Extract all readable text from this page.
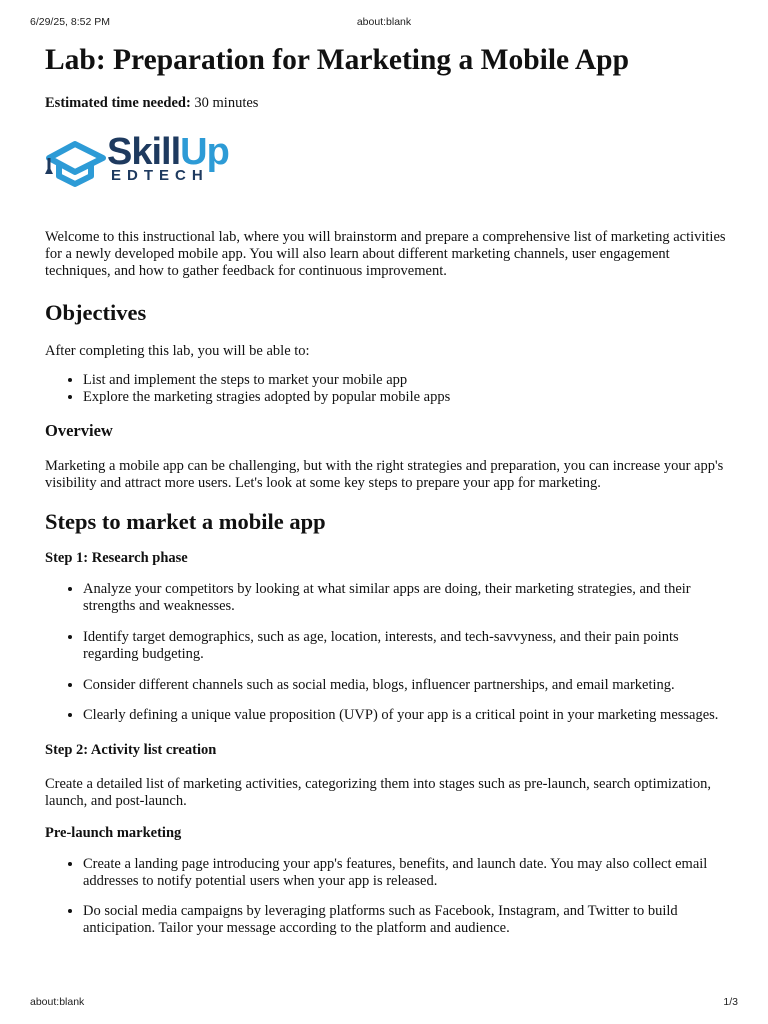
6/29/25, 8:52 PM	about:blank
Lab: Preparation for Marketing a Mobile App

Estimated time needed: 30 minutes

SkillUp
EDTECH

Welcome to this instructional lab, where you will brainstorm and prepare a comprehensive list of marketing activities for a newly developed mobile app. You will also learn about different marketing channels, user engagement techniques, and how to gather feedback for continuous improvement.

Objectives

After completing this lab, you will be able to:

• List and implement the steps to market your mobile app
• Explore the marketing stragies adopted by popular mobile apps
Overview

Marketing a mobile app can be challenging, but with the right strategies and preparation, you can increase your app's visibility and attract more users. Let's look at some key steps to prepare your app for marketing.

Steps to market a mobile app
Step 1: Research phase
• Analyze your competitors by looking at what similar apps are doing, their marketing strategies, and their strengths and weaknesses.
• Identify target demographics, such as age, location, interests, and tech-savvyness, and their pain points regarding budgeting.
• Consider different channels such as social media, blogs, influencer partnerships, and email marketing.
• Clearly defining a unique value proposition (UVP) of your app is a critical point in your marketing messages.
Step 2: Activity list creation

Create a detailed list of marketing activities, categorizing them into stages such as pre-launch, search optimization, launch, and post-launch.

Pre-launch marketing
• Create a landing page introducing your app's features, benefits, and launch date. You may also collect email addresses to notify potential users when your app is released.
• Do social media campaigns by leveraging platforms such as Facebook, Instagram, and Twitter to build anticipation. Tailor your message according to the platform and audience.
about:blank	1/3
